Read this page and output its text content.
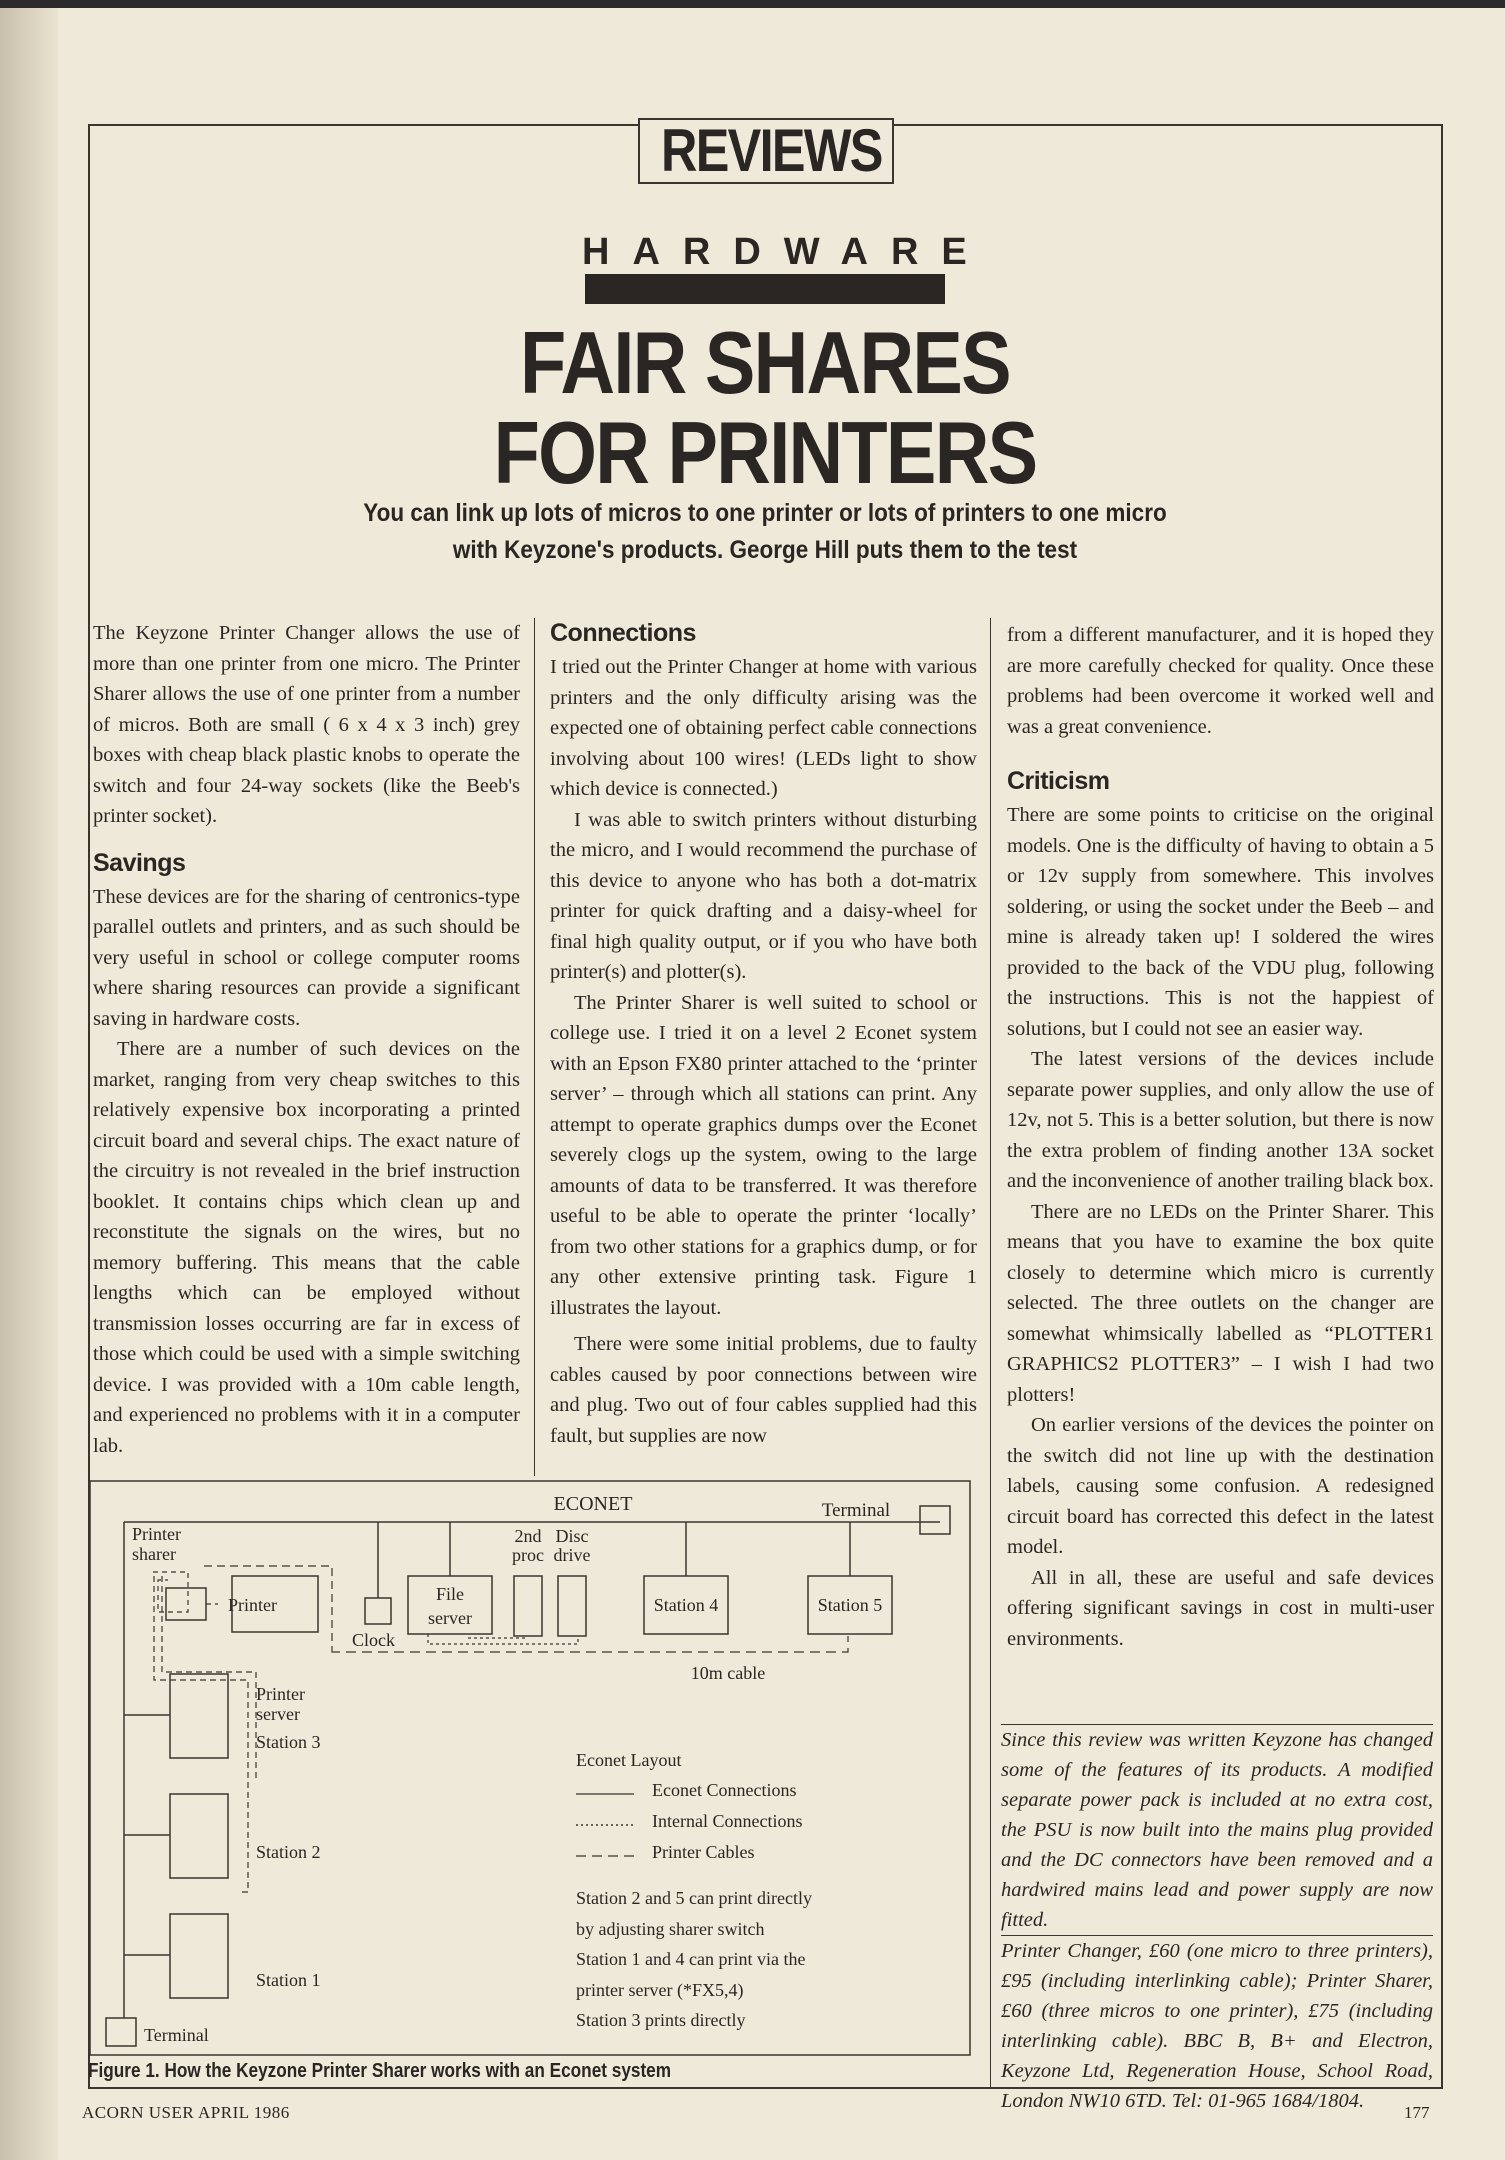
REVIEWS
HARDWARE
FAIR SHARES
FOR PRINTERS
You can link up lots of micros to one printer or lots of printers to one micro
with Keyzone's products. George Hill puts them to the test

The Keyzone Printer Changer allows the use of more than one printer from one micro. The Printer Sharer allows the use of one printer from a number of micros. Both are small ( 6 x 4 x 3 inch) grey boxes with cheap black plastic knobs to operate the switch and four 24-way sockets (like the Beeb's printer socket).

Savings

These devices are for the sharing of centronics-type parallel outlets and printers, and as such should be very useful in school or college computer rooms where sharing resources can provide a significant saving in hardware costs.

There are a number of such devices on the market, ranging from very cheap switches to this relatively expensive box incorporating a printed circuit board and several chips. The exact nature of the circuitry is not revealed in the brief instruction booklet. It contains chips which clean up and reconstitute the signals on the wires, but no memory buffering. This means that the cable lengths which can be employed without transmission losses occurring are far in excess of those which could be used with a simple switching device. I was provided with a 10m cable length, and experienced no problems with it in a computer lab.

Connections

I tried out the Printer Changer at home with various printers and the only difficulty arising was the expected one of obtaining perfect cable connections involving about 100 wires! (LEDs light to show which device is connected.)

I was able to switch printers without disturbing the micro, and I would recommend the purchase of this device to anyone who has both a dot-matrix printer for quick drafting and a daisy-wheel for final high quality output, or if you who have both printer(s) and plotter(s).

The Printer Sharer is well suited to school or college use. I tried it on a level 2 Econet system with an Epson FX80 printer attached to the ‘printer server’ – through which all stations can print. Any attempt to operate graphics dumps over the Econet severely clogs up the system, owing to the large amounts of data to be transferred. It was therefore useful to be able to operate the printer ‘locally’ from two other stations for a graphics dump, or for any other extensive printing task. Figure 1 illustrates the layout.

There were some initial problems, due to faulty cables caused by poor connections between wire and plug. Two out of four cables supplied had this fault, but supplies are now

from a different manufacturer, and it is hoped they are more carefully checked for quality. Once these problems had been overcome it worked well and was a great convenience.

Criticism

There are some points to criticise on the original models. One is the difficulty of having to obtain a 5 or 12v supply from somewhere. This involves soldering, or using the socket under the Beeb – and mine is already taken up! I soldered the wires provided to the back of the VDU plug, following the instructions. This is not the happiest of solutions, but I could not see an easier way.

The latest versions of the devices include separate power supplies, and only allow the use of 12v, not 5. This is a better solution, but there is now the extra problem of finding another 13A socket and the inconvenience of another trailing black box.

There are no LEDs on the Printer Sharer. This means that you have to examine the box quite closely to determine which micro is currently selected. The three outlets on the changer are somewhat whimsically labelled as “PLOTTER1 GRAPHICS2 PLOTTER3” – I wish I had two plotters!

On earlier versions of the devices the pointer on the switch did not line up with the destination labels, causing some confusion. A redesigned circuit board has corrected this defect in the latest model.

All in all, these are useful and safe devices offering significant savings in cost in multi-user environments.

Since this review was written Keyzone has changed some of the features of its products. A modified separate power pack is included at no extra cost, the PSU is now built into the mains plug provided and the DC connectors have been removed and a hardwired mains lead and power supply are now fitted.

Printer Changer, £60 (one micro to three printers), £95 (including interlinking cable); Printer Sharer, £60 (three micros to one printer), £75 (including interlinking cable). BBC B, B+ and Electron, Keyzone Ltd, Regeneration House, School Road, London NW10 6TD. Tel: 01-965 1684/1804.

ECONET	Terminal
Printer
sharer
Printer
Clock
File
server
2nd
proc
Disc
drive
Station 4	Station 5
10m cable
Printer
server
Station 3
Station 2
Station 1
Terminal
Econet Layout
Econet Connections
Internal Connections
Printer Cables
Station 2 and 5 can print directly
by adjusting sharer switch
Station 1 and 4 can print via the
printer server (*FX5,4)
Station 3 prints directly
Figure 1. How the Keyzone Printer Sharer works with an Econet system
ACORN USER APRIL 1986	177
